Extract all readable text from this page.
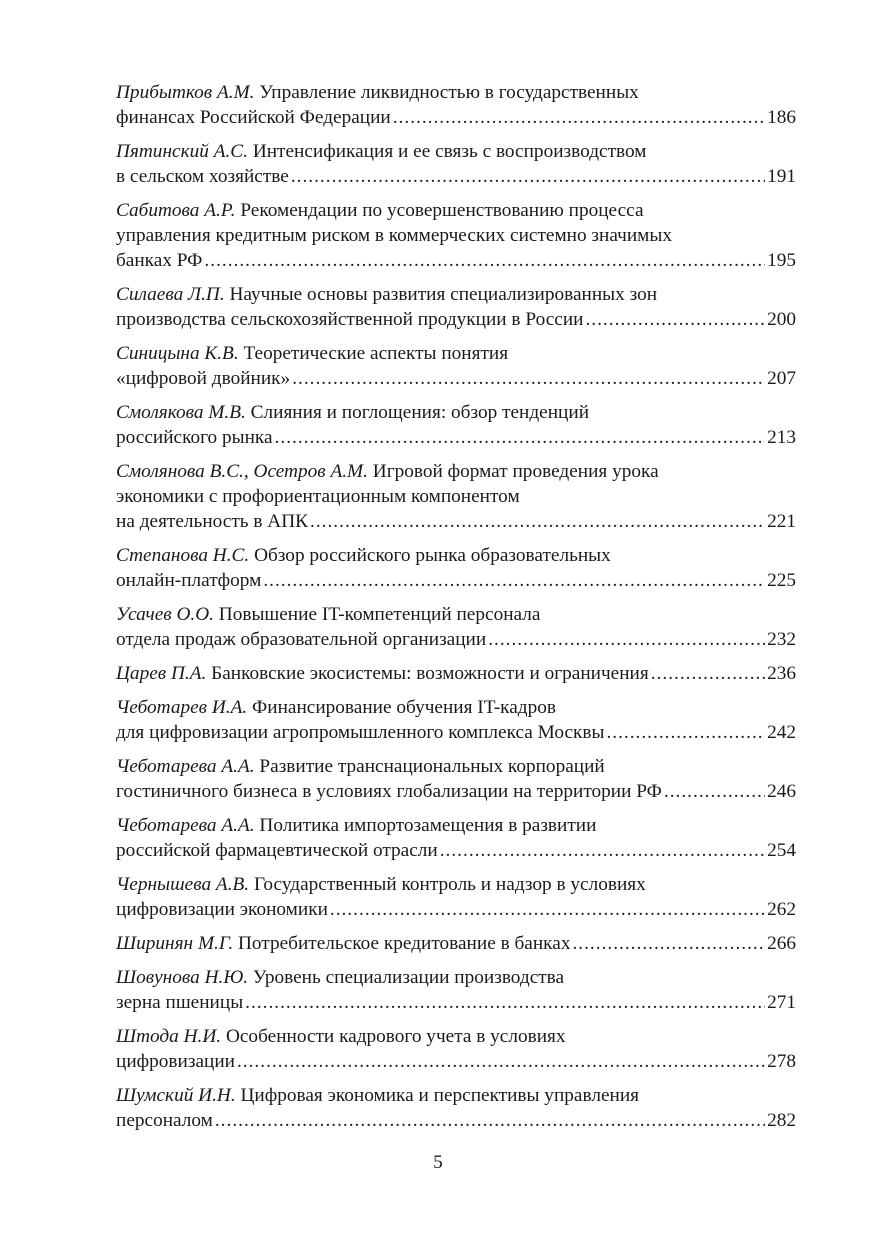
Прибытков А.М. Управление ликвидностью в государственных
финансах Российской Федерации .....	186
Пятинский А.С. Интенсификация и ее связь с воспроизводством
в сельском хозяйстве .....	191
Сабитова А.Р. Рекомендации по усовершенствованию процесса
управления кредитным риском в коммерческих системно значимых
банках РФ .....	195
Силаева Л.П. Научные основы развития специализированных зон
производства сельскохозяйственной продукции в России .....	200
Синицына К.В. Теоретические аспекты понятия
«цифровой двойник» .....	207
Смолякова М.В. Слияния и поглощения: обзор тенденций
российского рынка .....	213
Смолянова В.С., Осетров А.М. Игровой формат проведения урока
экономики с профориентационным компонентом
на деятельность в АПК .....	221
Степанова Н.С. Обзор российского рынка образовательных
онлайн-платформ .....	225
Усачев О.О. Повышение IT-компетенций персонала
отдела продаж образовательной организации .....	232
Царев П.А. Банковские экосистемы: возможности и ограничения .....	236
Чеботарев И.А. Финансирование обучения IT-кадров
для цифровизации агропромышленного комплекса Москвы .....	242
Чеботарева А.А. Развитие транснациональных корпораций
гостиничного бизнеса в условиях глобализации на территории РФ .....	246
Чеботарева А.А. Политика импортозамещения в развитии
российской фармацевтической отрасли .....	254
Чернышева А.В. Государственный контроль и надзор в условиях
цифровизации экономики .....	262
Ширинян М.Г. Потребительское кредитование в банках .....	266
Шовунова Н.Ю. Уровень специализации производства
зерна пшеницы .....	271
Штода Н.И. Особенности кадрового учета в условиях
цифровизации .....	278
Шумский И.Н. Цифровая экономика и перспективы управления
персоналом .....	282
5
